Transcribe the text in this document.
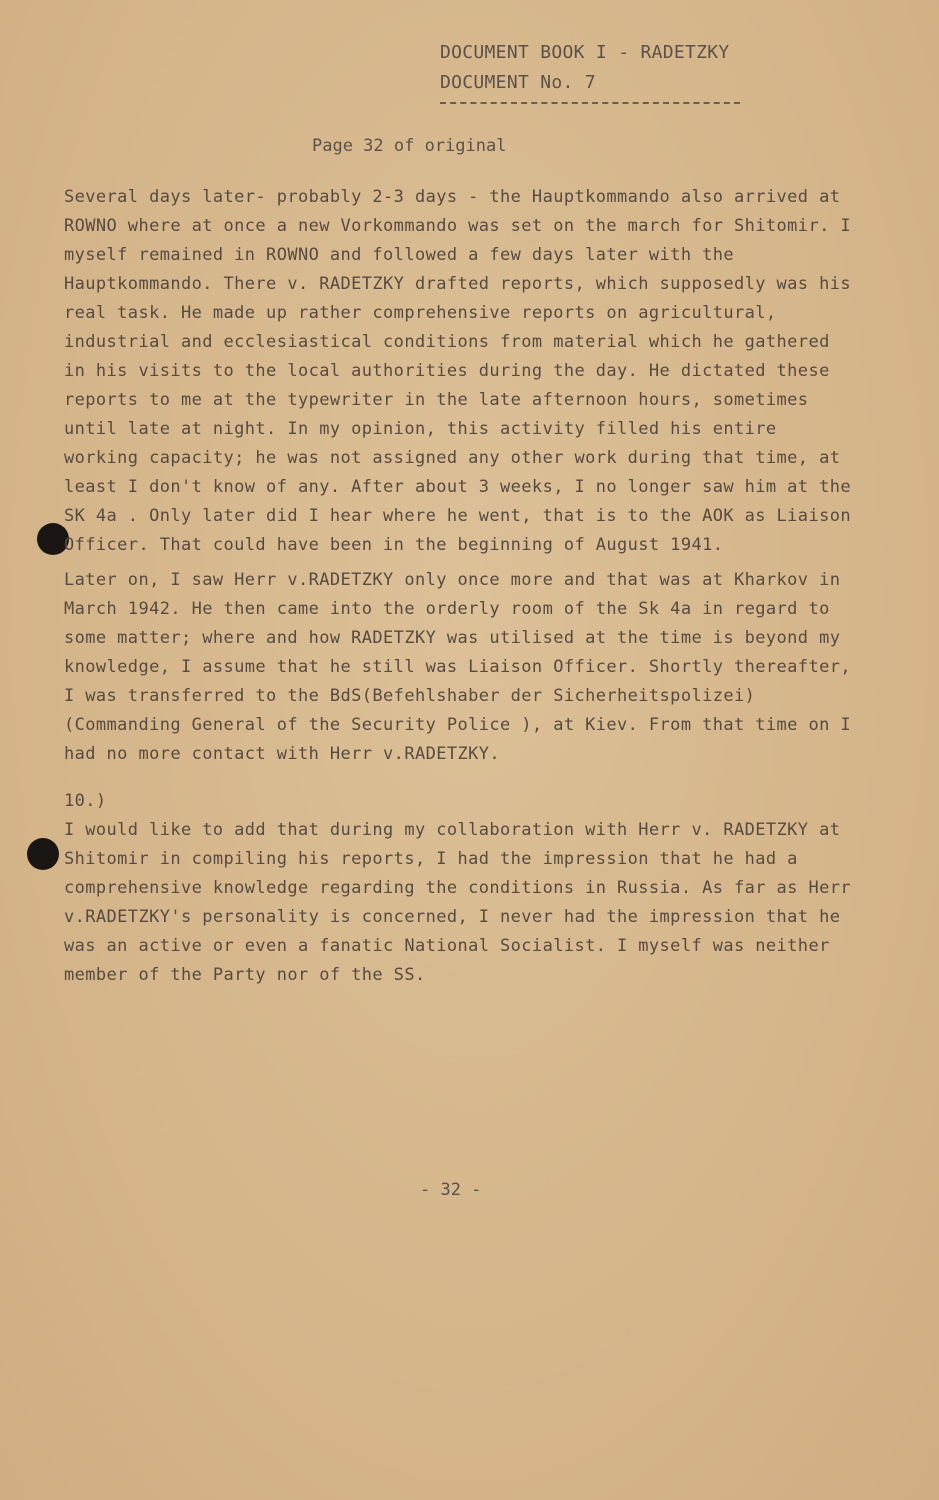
DOCUMENT BOOK I - RADETZKY
DOCUMENT No. 7
Page 32 of original

Several days later- probably 2-3 days - the Hauptkommando also arrived at ROWNO where at once a new Vorkommando was set on the march for Shitomir. I myself remained in ROWNO and followed a few days later with the Hauptkommando. There v. RADETZKY drafted reports, which supposedly was his real task. He made up rather comprehensive reports on agricultural, industrial and ecclesiastical conditions from material which he gathered in his visits to the local authorities during the day. He dictated these reports to me at the typewriter in the late afternoon hours, sometimes until late at night. In my opinion, this activity filled his entire working capacity; he was not assigned any other work during that time, at least I don't know of any. After about 3 weeks, I no longer saw him at the SK 4a . Only later did I hear where he went, that is to the AOK as Liaison Officer. That could have been in the beginning of August 1941.

Later on, I saw Herr v.RADETZKY only once more and that was at Kharkov in March 1942. He then came into the orderly room of the Sk 4a in regard to some matter; where and how RADETZKY was utilised at the time is beyond my knowledge, I assume that he still was Liaison Officer. Shortly thereafter, I was transferred to the BdS(Befehlshaber der Sicherheitspolizei)(Commanding General of the Security Police ), at Kiev. From that time on I had no more contact with Herr v.RADETZKY.

10.)
I would like to add that during my collaboration with Herr v. RADETZKY at Shitomir in compiling his reports, I had the impression that he had a comprehensive knowledge regarding the conditions in Russia. As far as Herr v.RADETZKY's personality is concerned, I never had the impression that he was an active or even a fanatic National Socialist. I myself was neither member of the Party nor of the SS.

- 32 -
